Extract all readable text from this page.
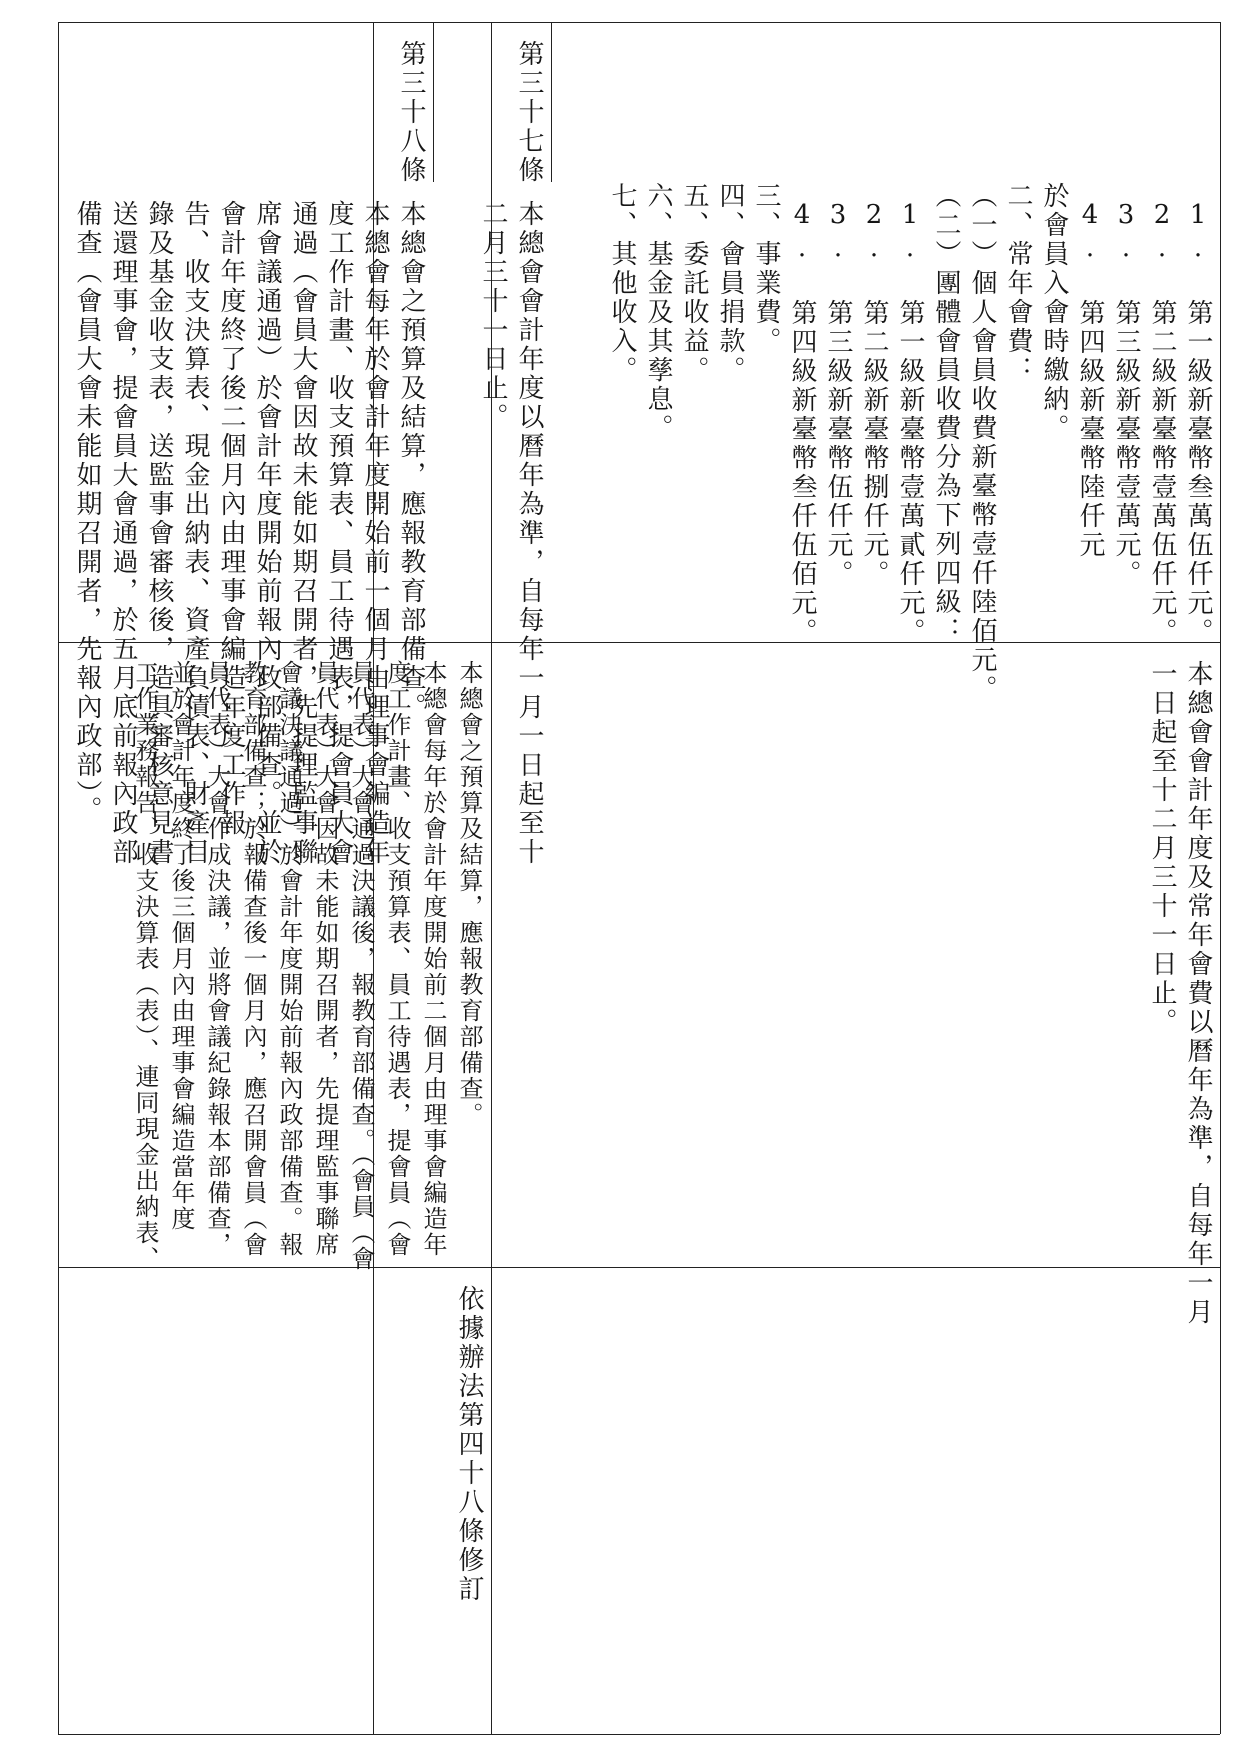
1. 第一級新臺幣叁萬伍仟元。
2. 第二級新臺幣壹萬伍仟元。
3. 第三級新臺幣壹萬元。
4. 第四級新臺幣陸仟元
於會員入會時繳納。
二、常年會費：
（一）個人會員收費新臺幣壹仟陸佰元。
（二）團體會員收費分為下列四級：
1. 第一級新臺幣壹萬貳仟元。
2. 第二級新臺幣捌仟元。
3. 第三級新臺幣伍仟元。
4. 第四級新臺幣叁仟伍佰元。
三、事業費。
四、會員捐款。
五、委託收益。
六、基金及其孳息。
七、其他收入。
第三十七條
本總會會計年度以曆年為準，自每年一月一日起至十
二月三十一日止。
第三十八條
本總會之預算及結算，應報教育部備查。
本總會每年於會計年度開始前一個月由理事會編造年
度工作計畫、收支預算表、員工待遇表，提會員大會
通過（會員大會因故未能如期召開者，先提理監事聯
席會議通過）於會計年度開始前報內政部備查。並於
會計年度終了後二個月內由理事會編造年度工作報
告、收支決算表、現金出納表、資產負債表、財產目
錄及基金收支表，送監事會審核後，造具審核意見書
送還理事會，提會員大會通過，於五月底前報內政部
備查（會員大會未能如期召開者，先報內政部）。
本總會會計年度及常年會費以曆年為準，自每年一月
一日起至十二月三十一日止。
本總會之預算及結算，應報教育部備查。
本總會每年於會計年度開始前二個月由理事會編造年
度工作計畫、收支預算表、員工待遇表，提會員（會
員代表）大會通過決議後，報教育部備查。（會員（會
員代表）大會因故未能如期召開者，先提理監事聯席
會議決議通過）於會計年度開始前報內政部備查。報
教育部備查；於報備查後一個月內，應召開會員（會
員代表）大會作成決議，並將會議紀錄報本部備查，
並於會計年度終了後三個月內由理事會編造當年度
工作業務報告、收支決算表（表）、連同現金出納表、
依據辦法第四十八條修訂
